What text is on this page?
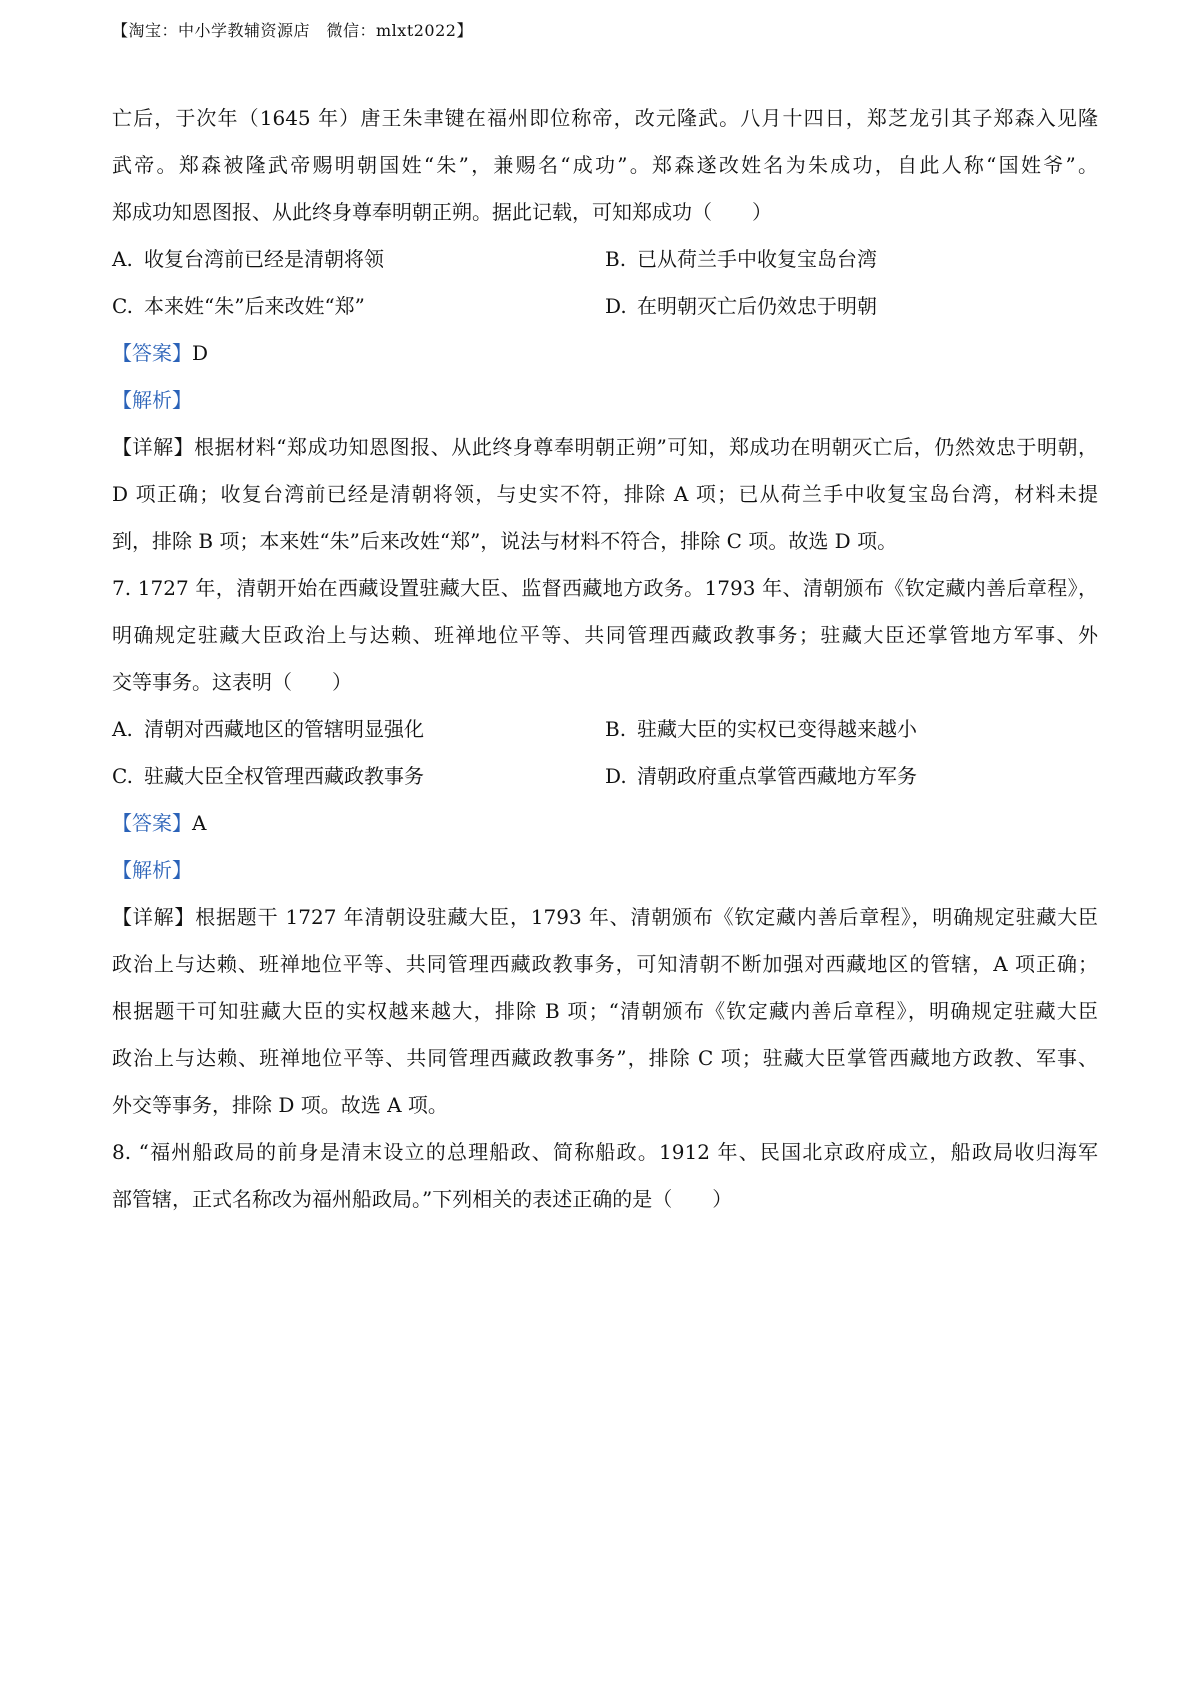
【淘宝：中小学教辅资源店　微信：mlxt2022】
亡后，于次年（1645 年）唐王朱聿键在福州即位称帝，改元隆武。八月十四日，郑芝龙引其子郑森入见隆
武帝。郑森被隆武帝赐明朝国姓“朱”，兼赐名“成功”。郑森遂改姓名为朱成功，自此人称“国姓爷”。
郑成功知恩图报、从此终身尊奉明朝正朔。据此记载，可知郑成功（　　）
A. 收复台湾前已经是清朝将领	B. 已从荷兰手中收复宝岛台湾
C. 本来姓“朱”后来改姓“郑”	D. 在明朝灭亡后仍效忠于明朝
【答案】D
【解析】
【详解】根据材料“郑成功知恩图报、从此终身尊奉明朝正朔”可知，郑成功在明朝灭亡后，仍然效忠于明朝，
D 项正确；收复台湾前已经是清朝将领，与史实不符，排除 A 项；已从荷兰手中收复宝岛台湾，材料未提
到，排除 B 项；本来姓“朱”后来改姓“郑”，说法与材料不符合，排除 C 项。故选 D 项。
7. 1727 年，清朝开始在西藏设置驻藏大臣、监督西藏地方政务。1793 年、清朝颁布《钦定藏内善后章程》，
明确规定驻藏大臣政治上与达赖、班禅地位平等、共同管理西藏政教事务；驻藏大臣还掌管地方军事、外
交等事务。这表明（　　）
A. 清朝对西藏地区的管辖明显强化	B. 驻藏大臣的实权已变得越来越小
C. 驻藏大臣全权管理西藏政教事务	D. 清朝政府重点掌管西藏地方军务
【答案】A
【解析】
【详解】根据题干 1727 年清朝设驻藏大臣，1793 年、清朝颁布《钦定藏内善后章程》，明确规定驻藏大臣
政治上与达赖、班禅地位平等、共同管理西藏政教事务，可知清朝不断加强对西藏地区的管辖，A 项正确；
根据题干可知驻藏大臣的实权越来越大，排除 B 项；“清朝颁布《钦定藏内善后章程》，明确规定驻藏大臣
政治上与达赖、班禅地位平等、共同管理西藏政教事务”，排除 C 项；驻藏大臣掌管西藏地方政教、军事、
外交等事务，排除 D 项。故选 A 项。
8. “福州船政局的前身是清末设立的总理船政、简称船政。1912 年、民国北京政府成立，船政局收归海军
部管辖，正式名称改为福州船政局。”下列相关的表述正确的是（　　）
